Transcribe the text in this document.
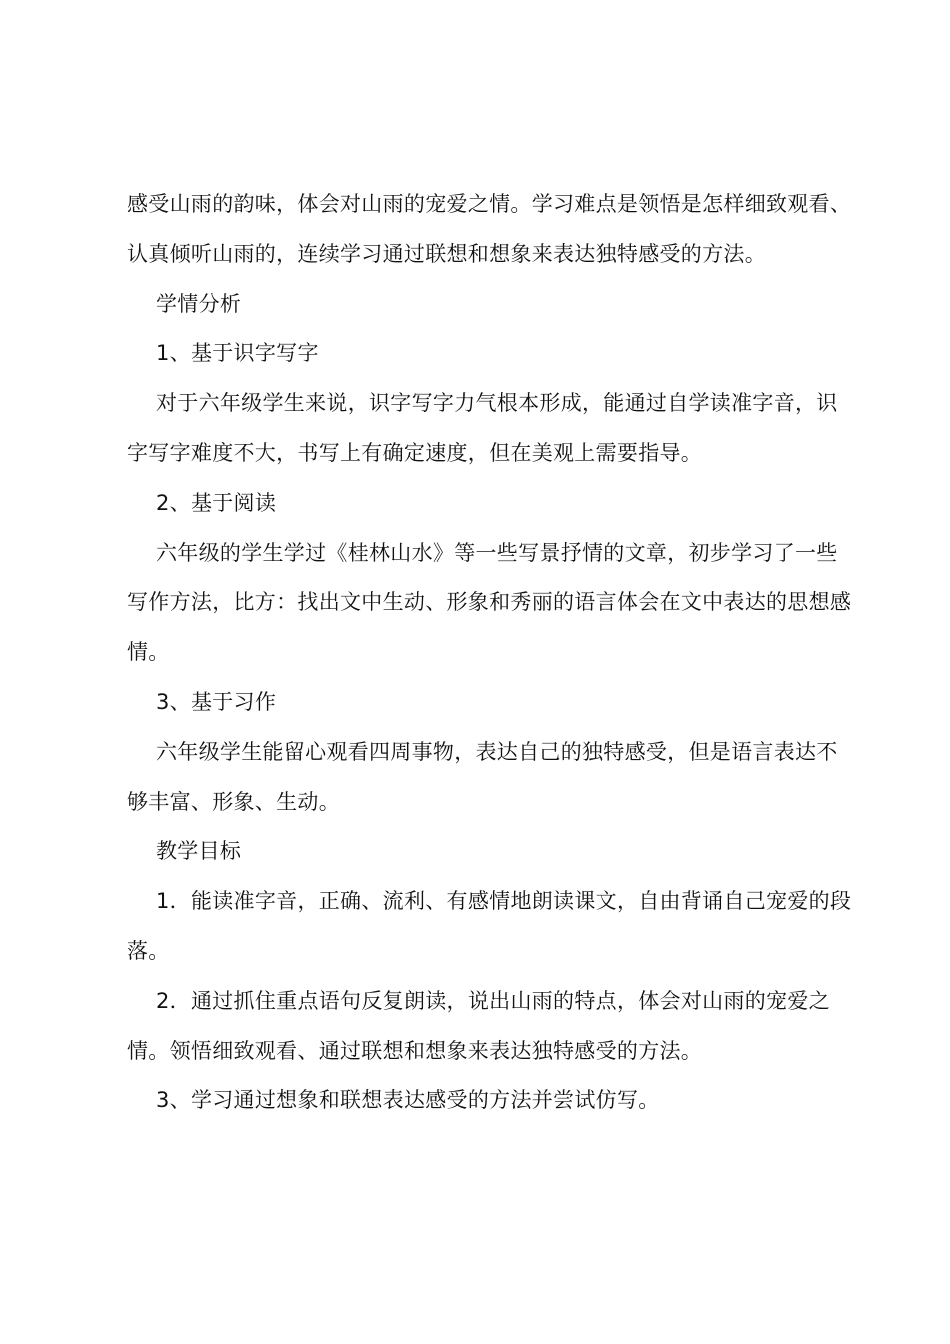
感受山雨的韵味，体会对山雨的宠爱之情。学习难点是领悟是怎样细致观看、认真倾听山雨的，连续学习通过联想和想象来表达独特感受的方法。

学情分析

1、基于识字写字

对于六年级学生来说，识字写字力气根本形成，能通过自学读准字音，识字写字难度不大，书写上有确定速度，但在美观上需要指导。

2、基于阅读

六年级的学生学过《桂林山水》等一些写景抒情的文章，初步学习了一些写作方法，比方：找出文中生动、形象和秀丽的语言体会在文中表达的思想感情。

3、基于习作

六年级学生能留心观看四周事物，表达自己的独特感受，但是语言表达不够丰富、形象、生动。

教学目标

1．能读准字音，正确、流利、有感情地朗读课文，自由背诵自己宠爱的段落。

2．通过抓住重点语句反复朗读，说出山雨的特点，体会对山雨的宠爱之情。领悟细致观看、通过联想和想象来表达独特感受的方法。

3、学习通过想象和联想表达感受的方法并尝试仿写。
